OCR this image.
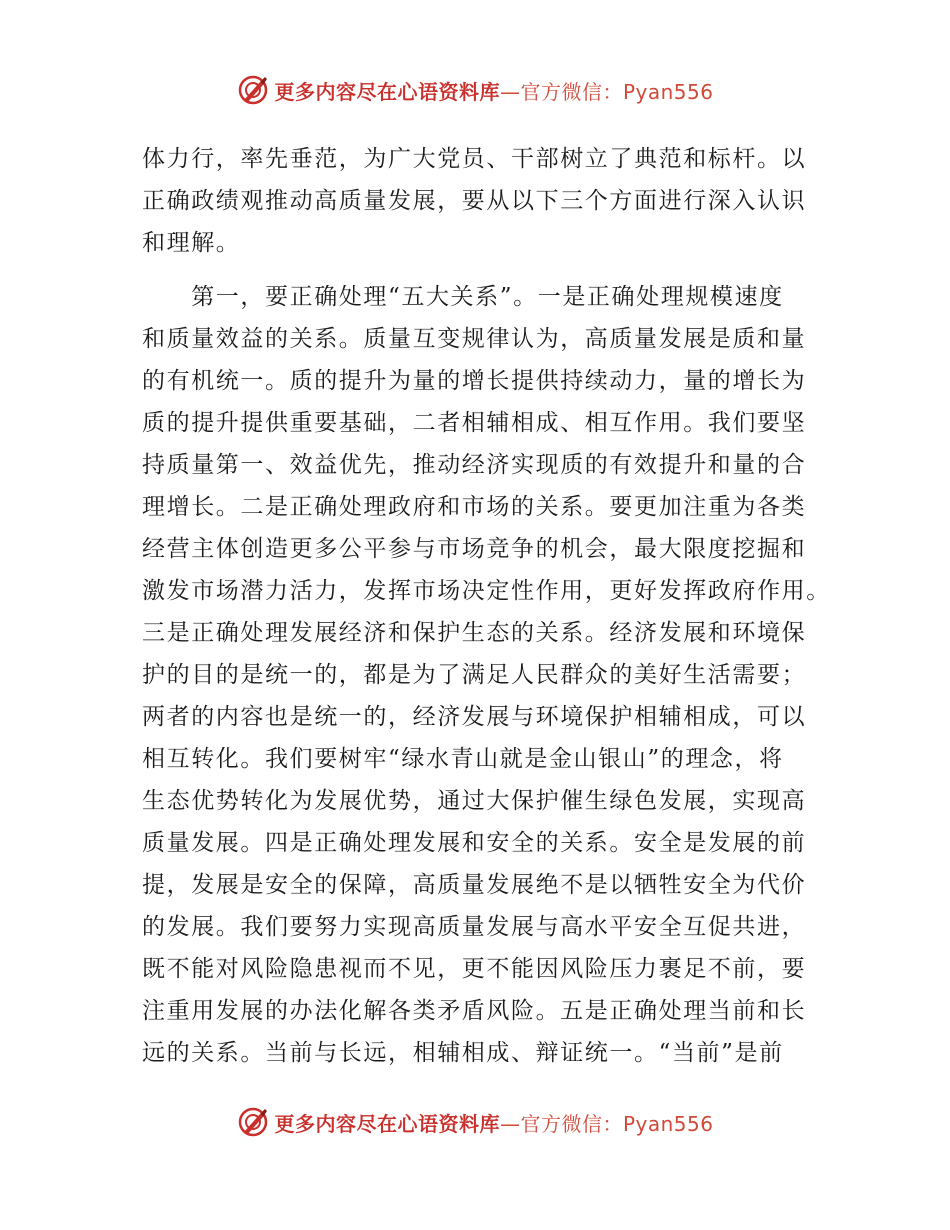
更多内容尽在心语资料库 —官方微信：Pyan556
体力行，率先垂范，为广大党员、干部树立了典范和标杆。以
正确政绩观推动高质量发展，要从以下三个方面进行深入认识
和理解。
　　第一，要正确处理“五大关系”。一是正确处理规模速度
和质量效益的关系。质量互变规律认为，高质量发展是质和量
的有机统一。质的提升为量的增长提供持续动力，量的增长为
质的提升提供重要基础，二者相辅相成、相互作用。我们要坚
持质量第一、效益优先，推动经济实现质的有效提升和量的合
理增长。二是正确处理政府和市场的关系。要更加注重为各类
经营主体创造更多公平参与市场竞争的机会，最大限度挖掘和
激发市场潜力活力，发挥市场决定性作用，更好发挥政府作用。
三是正确处理发展经济和保护生态的关系。经济发展和环境保
护的目的是统一的，都是为了满足人民群众的美好生活需要；
两者的内容也是统一的，经济发展与环境保护相辅相成，可以
相互转化。我们要树牢“绿水青山就是金山银山”的理念，将
生态优势转化为发展优势，通过大保护催生绿色发展，实现高
质量发展。四是正确处理发展和安全的关系。安全是发展的前
提，发展是安全的保障，高质量发展绝不是以牺牲安全为代价
的发展。我们要努力实现高质量发展与高水平安全互促共进，
既不能对风险隐患视而不见，更不能因风险压力裹足不前，要
注重用发展的办法化解各类矛盾风险。五是正确处理当前和长
远的关系。当前与长远，相辅相成、辩证统一。“当前”是前
更多内容尽在心语资料库 —官方微信：Pyan556
